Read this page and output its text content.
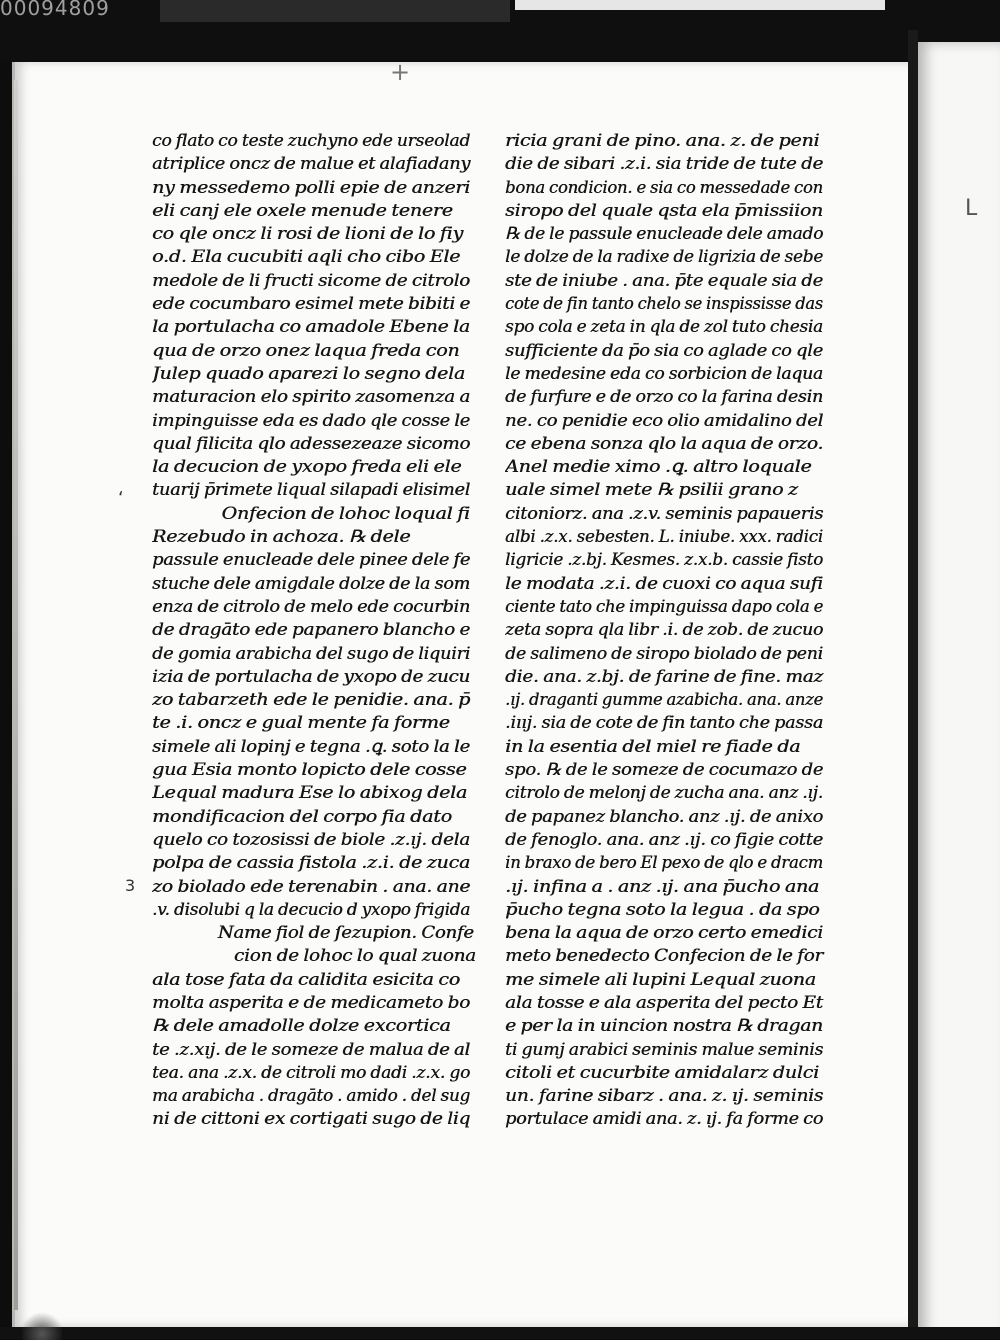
00094809
+
‘
3
L
co flato co teste zuchyno ede urseolad
atriplice oncz de malue et alafiadany
ny messedemo polli epie de anzeri
eli canj ele oxele menude tenere
co qle oncz li rosi de lioni de lo fiy
o.d. Ela cucubiti aqli cho cibo Ele
medole de li fructi sicome de citrolo
ede cocumbaro esimel mete bibiti e
la portulacha co amadole Ebene la
qua de orzo onez laqua freda con
Julep quado aparezi lo segno dela
maturacion elo spirito zasomenza a
impinguisse eda es dado qle cosse le
qual filicita qlo adessezeaze sicomo
la decucion de yxopo freda eli ele
tuarij p̄rimete liqual silapadi elisimel
Onfecion de lohoc loqual fi
Rezebudo in achoza. ℞ dele
passule enucleade dele pinee dele fe
stuche dele amigdale dolze de la som
enza de citrolo de melo ede cocurbin
de dragāto ede papanero blancho e
de gomia arabicha del sugo de liquiri
izia de portulacha de yxopo de zucu
zo tabarzeth ede le penidie. ana. p̄
te .i. oncz e gual mente fa forme
simele ali lopinj e tegna .ꝗ. soto la le
gua Esia monto lopicto dele cosse
Lequal madura Ese lo abixog dela
mondificacion del corpo fia dato
quelo co tozosissi de biole .z.ıj. dela
polpa de cassia fistola .z.i. de zuca
zo biolado ede terenabin . ana. ane
.v. disolubi q la decucio d yxopo frigida
Name fiol de ſezupion. Confe
cion de lohoc lo qual zuona
ala tose fata da calidita esicita co
molta asperita e de medicameto bo
℞ dele amadolle dolze excortica
te .z.xıj. de le someze de malua de al
tea. ana .z.x. de citroli mo dadi .z.x. go
ma arabicha . dragāto . amido . del sug
ni de cittoni ex cortigati sugo de liq
ricia grani de pino. ana. z. de peni
die de sibari .z.i. sia tride de tute de
bona condicion. e sia co messedade con
siropo del quale qsta ela p̄missiion
℞ de le passule enucleade dele amado
le dolze de la radixe de ligrizia de sebe
ste de iniube . ana. p̄te equale sia de
cote de fin tanto chelo se inspississe das
spo cola e zeta in qla de zol tuto chesia
sufficiente da p̄o sia co aglade co qle
le medesine eda co sorbicion de laqua
de furfure e de orzo co la farina desin
ne. co penidie eco olio amidalino del
ce ebena sonza qlo la aqua de orzo.
Anel medie ximo .ꝗ. altro loquale
uale simel mete ℞ psilii grano z
citoniorz. ana .z.v. seminis papaueris
albi .z.x. sebesten. L. iniube. xxx. radici
ligricie .z.bj. Kesmes. z.x.b. cassie fisto
le modata .z.i. de cuoxi co aqua sufi
ciente tato che impinguissa dapo cola e
zeta sopra qla libr .i. de zob. de zucuo
de salimeno de siropo biolado de peni
die. ana. z.bj. de farine de fine. maz
.ıj. draganti gumme azabicha. ana. anze
.iııj. sia de cote de fin tanto che passa
in la esentia del miel re fiade da
spo. ℞ de le someze de cocumazo de
citrolo de melonj de zucha ana. anz .ıj.
de papanez blancho. anz .ıj. de anixo
de fenoglo. ana. anz .ıj. co figie cotte
in braxo de bero El pexo de qlo e dracm
.ıj. infina a . anz .ıj. ana p̄ucho ana
p̄ucho tegna soto la legua . da spo
bena la aqua de orzo certo emedici
meto benedecto Confecion de le for
me simele ali lupini Lequal zuona
ala tosse e ala asperita del pecto Et
e per la in uincion nostra ℞ dragan
ti gumj arabici seminis malue seminis
citoli et cucurbite amidalarz dulci
un. farine sibarz . ana. z. ıj. seminis
portulace amidi ana. z. ıj. fa forme co
